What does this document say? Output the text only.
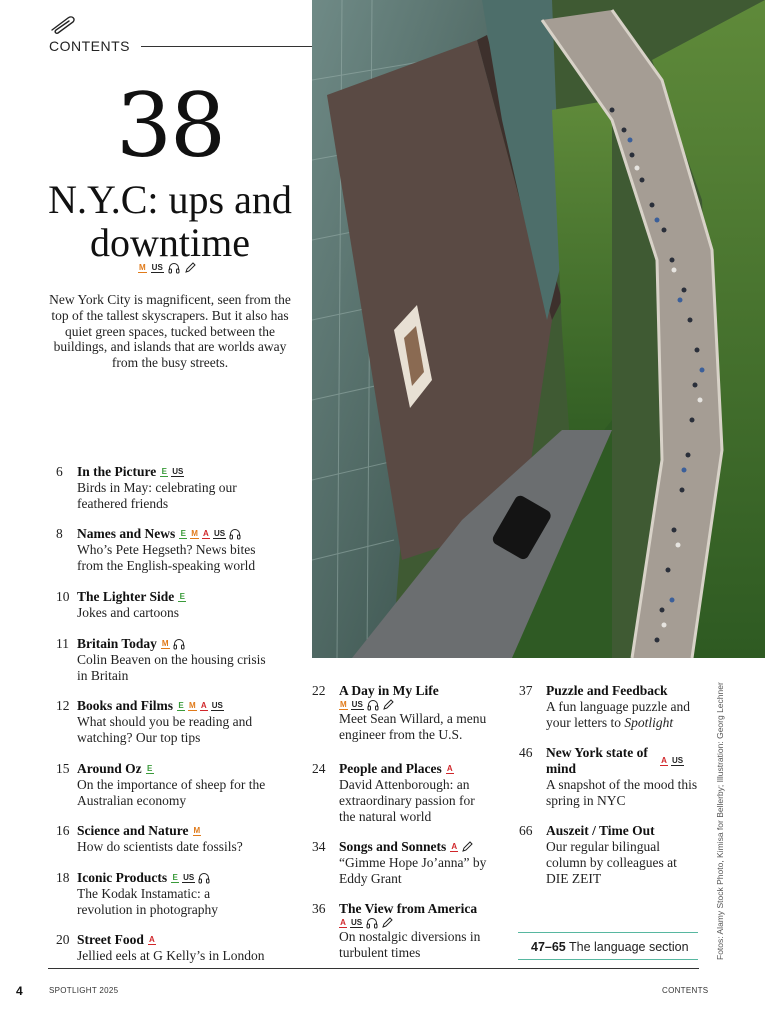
CONTENTS
38
N.Y.C: ups and downtime
M US
New York City is magnificent, seen from the top of the tallest skyscrapers. But it also has quiet green spaces, tucked between the buildings, and islands that are worlds away from the busy streets.
6	In the Picture E US
Birds in May: celebrating our feathered friends
8	Names and News E M A US
Who’s Pete Hegseth? News bites from the English-speaking world
10 The Lighter Side E
Jokes and cartoons
11 Britain Today M
Colin Beaven on the housing crisis in Britain
12 Books and Films E M A US
What should you be reading and watching? Our top tips
15 Around Oz E
On the importance of sheep for the Australian economy
16 Science and Nature M
How do scientists date fossils?
18 Iconic Products E US
The Kodak Instamatic: a revolution in photography
20 Street Food A
Jellied eels at G Kelly’s in London
22	A Day in My Life
M US
Meet Sean Willard, a menu engineer from the U.S.
24	People and Places A
David Attenborough: an extraordinary passion for the natural world
34	Songs and Sonnets A
“Gimme Hope Jo’anna” by Eddy Grant
36	The View from America
A US
On nostalgic diversions in turbulent times
37	Puzzle and Feedback
A fun language puzzle and your letters to Spotlight
46	New York state of mind
A US
A snapshot of the mood this spring in NYC
66	Auszeit / Time Out
Our regular bilingual column by colleagues at DIE ZEIT
47–65 The language section	Fotos: Alamy Stock Photo, Kimisa for Bellerby; Illustration: Georg Lechner
4	SPOTLIGHT 2025	CONTENTS
